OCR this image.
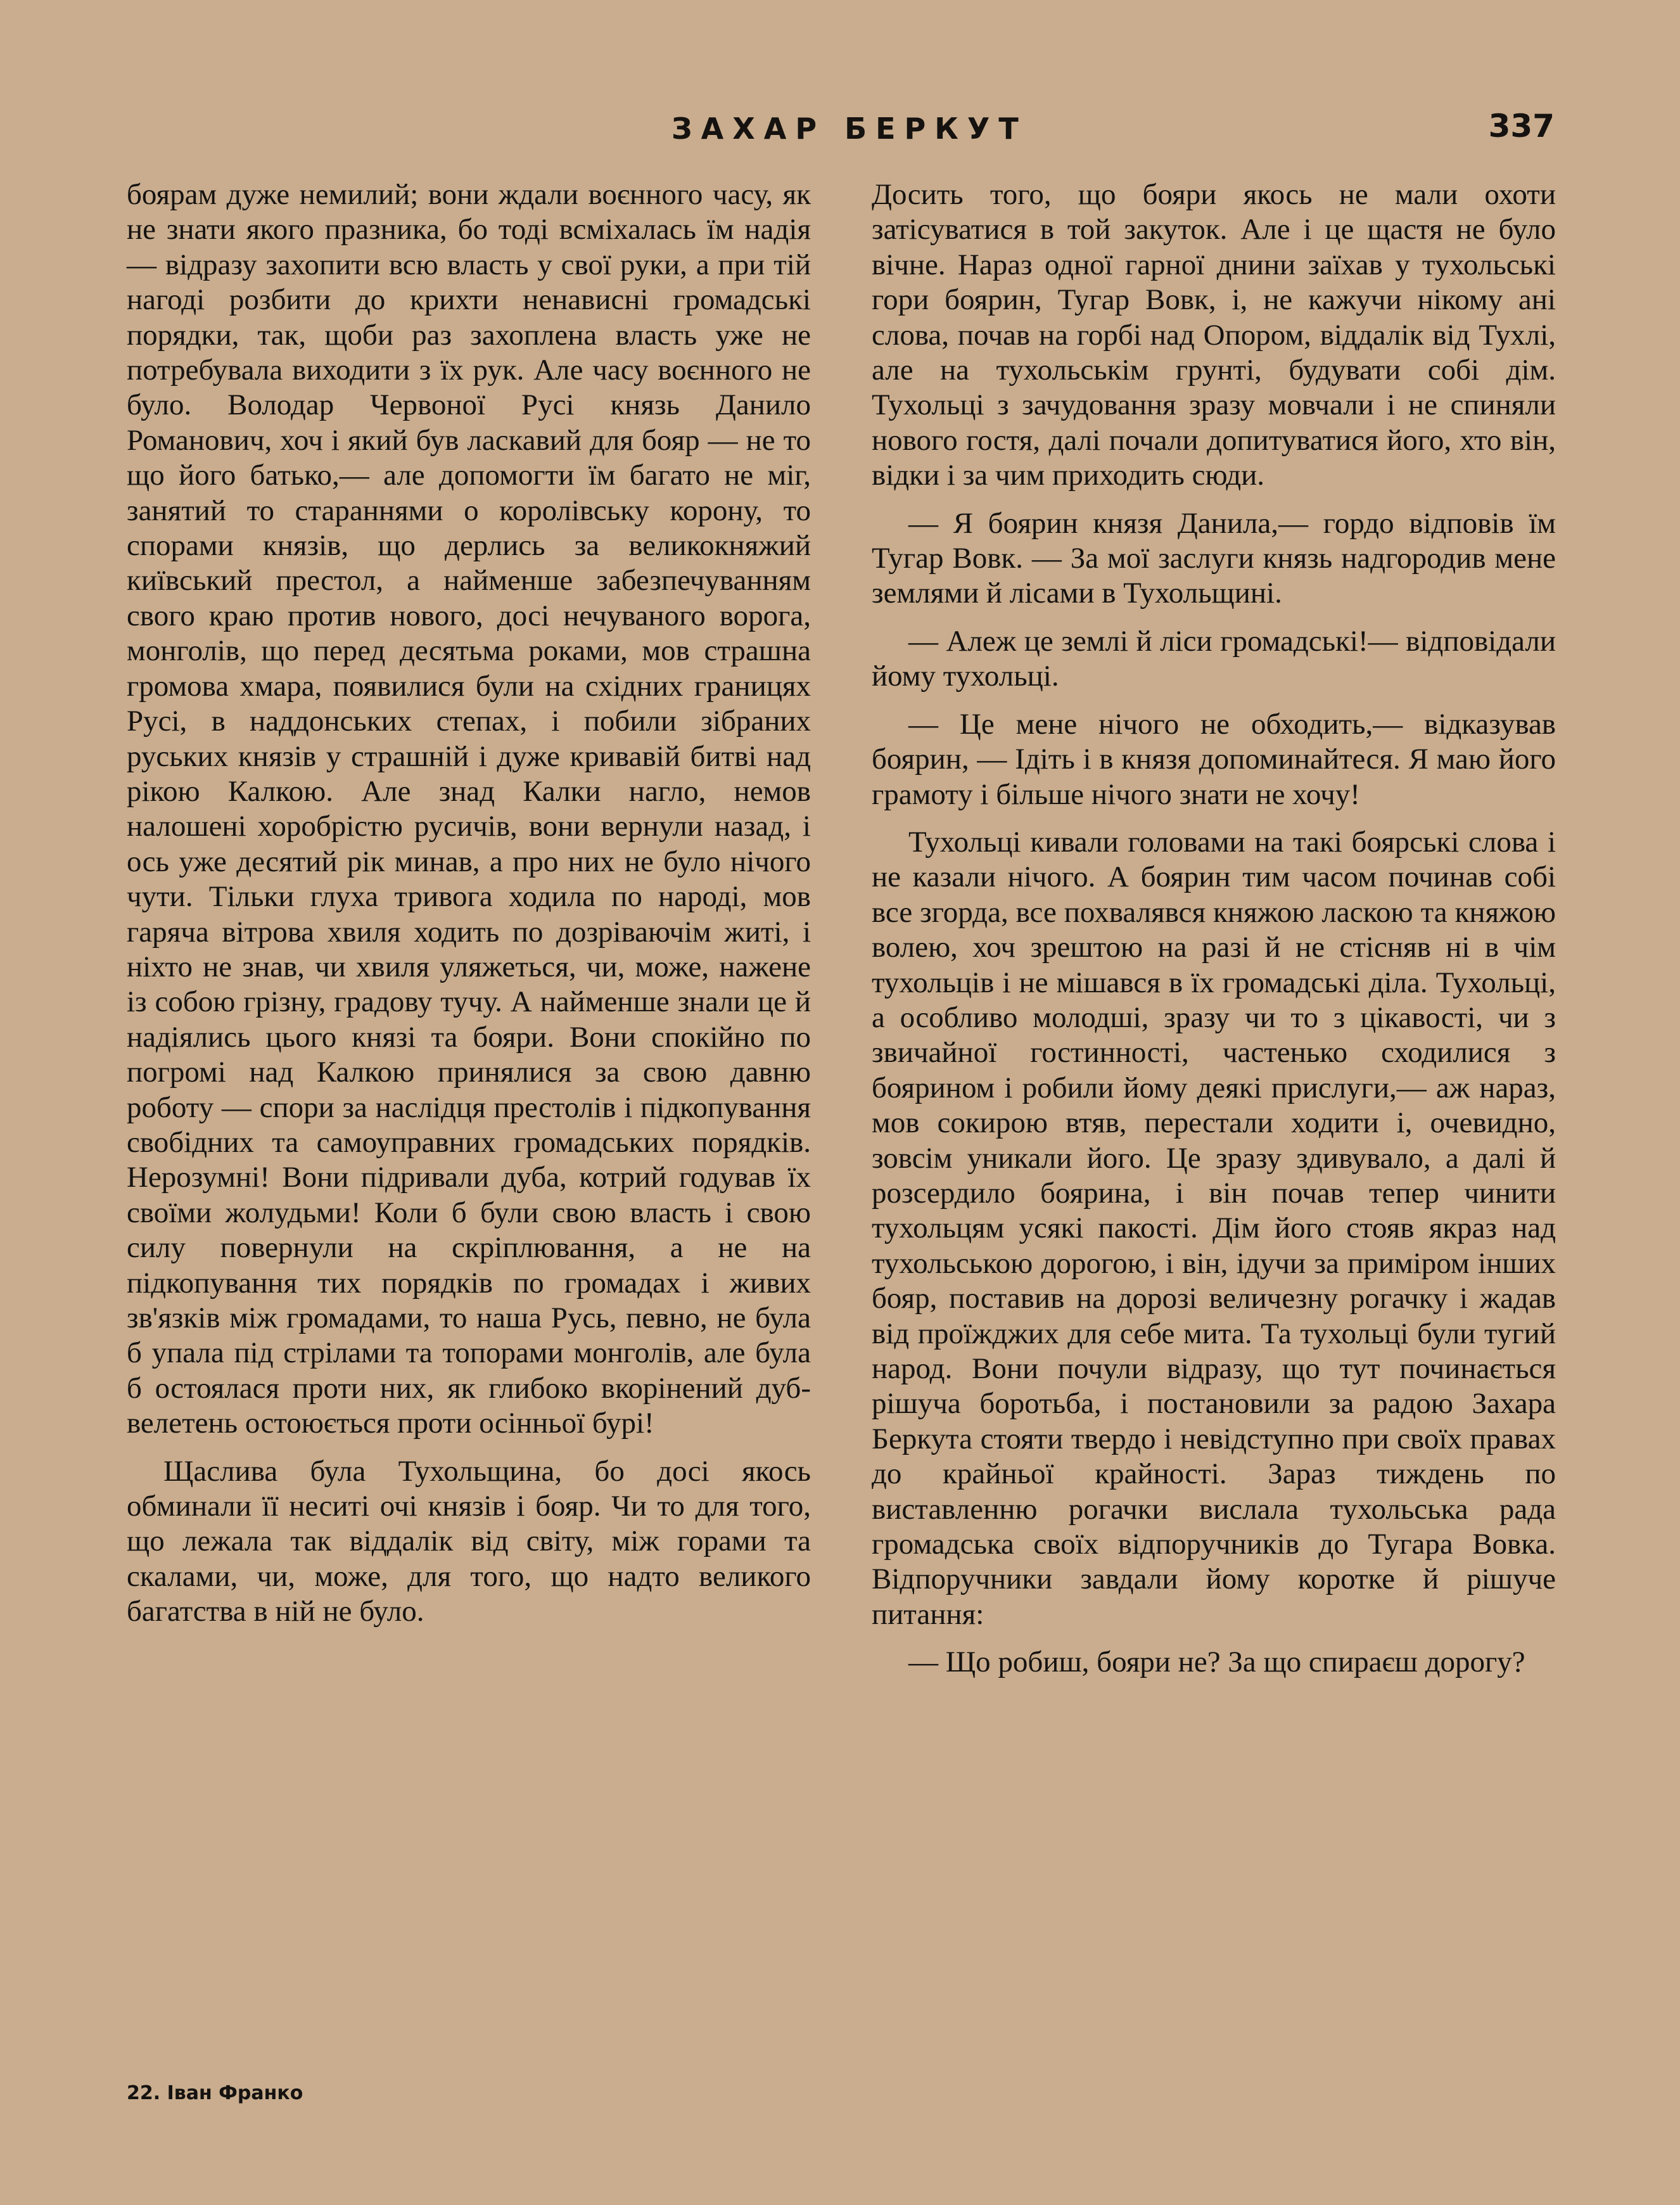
ЗАХАР БЕРКУТ	337

боярам дуже немилий; вони ждали воєнного часу, як не знати якого празника, бо тоді всміхалась їм надія — відразу захопити всю власть у свої руки, а при тій нагоді розбити до крихти ненависні громадські порядки, так, щоби раз захоплена власть уже не потребувала виходити з їх рук. Але часу воєнного не було. Володар Червоної Русі князь Данило Романович, хоч і який був ласкавий для бояр — не то що його батько,— але допомогти їм багато не міг, занятий то стараннями о королівську корону, то спорами князів, що дерлись за великокняжий київський престол, а найменше забезпечуванням свого краю против нового, досі нечуваного ворога, монголів, що перед десятьма роками, мов страшна громова хмара, появилися були на східних границях Русі, в наддонських степах, і побили зібраних руських князів у страшній і дуже кривавій битві над рікою Калкою. Але знад Калки нагло, немов налошені хоробрістю русичів, вони вернули назад, і ось уже десятий рік минав, а про них не було нічого чути. Тільки глуха тривога ходила по народі, мов гаряча вітрова хвиля ходить по дозріваючім житі, і ніхто не знав, чи хвиля уляжеться, чи, може, наженe із собою грізну, градову тучу. А найменше знали це й надіялись цього князі та бояри. Вони спокійно по погромі над Калкою принялися за свою давню роботу — спори за наслідця престолів і підкопування свобідних та самоуправних громадських порядків. Нерозумні! Вони підривали дуба, котрий годував їх своїми жолудьми! Коли б були свою власть і свою силу повернули на скріплювання, а не на підкопування тих порядків по громадах і живих зв'язків між громадами, то наша Русь, певно, не була б упала під стрілами та топорами монголів, але була б остоялася проти них, як глибоко вкорінений дуб-велетень остоюється проти осінньої бурі!

Щаслива була Тухольщина, бо досі якось обминали її неситі очі князів і бояр. Чи то для того, що лежала так віддалік від світу, між горами та скалами, чи, може, для того, що надто великого багатства в ній не було.

Досить того, що бояри якось не мали охоти затісуватися в той закуток. Але і це щастя не було вічне. Нараз одної гарної днини заїхав у тухольські гори боярин, Тугар Вовк, і, не кажучи нікому ані слова, почав на горбі над Опором, віддалік від Тухлі, але на тухольськім грунті, будувати собі дім. Тухольці з зачудовання зразу мовчали і не спиняли нового гостя, далі почали допитуватися його, хто він, відки і за чим приходить сюди.

— Я боярин князя Данила,— гордо відповів їм Тугар Вовк. — За мої заслуги князь надгородив мене землями й лісами в Тухольщині.

— Алеж це землі й ліси громадські!— відповідали йому тухольці.

— Це мене нічого не обходить,— відказував боярин, — Ідіть і в князя допоминайтеся. Я маю його грамоту і більше нічого знати не хочу!

Тухольці кивали головами на такі боярські слова і не казали нічого. А боярин тим часом починав собі все згорда, все похвалявся княжою ласкою та княжою волею, хоч зрештою на разі й не стісняв ні в чім тухольців і не мішався в їх громадські діла. Тухольці, а особливо молодші, зразу чи то з цікавості, чи з звичайної гостинності, частенько сходилися з боярином і робили йому деякі прислуги,— аж нараз, мов сокирою втяв, перестали ходити і, очевидно, зовсім уникали його. Це зразу здивувало, а далі й розсердило боярина, і він почав тепер чинити тухольцям усякі пакості. Дім його стояв якраз над тухольською дорогою, і він, ідучи за приміром інших бояр, поставив на дорозі величезну рогачку і жадав від проїжджих для себе мита. Та тухольці були тугий народ. Вони почули відразу, що тут починається рішуча боротьба, і постановили за радою Захара Беркута стояти твердо і невідступно при своїх правах до крайньої крайності. Зараз тиждень по виставленню рогачки вислала тухольська рада громадська своїх відпоручників до Тугара Вовка. Відпоручники завдали йому коротке й рішуче питання:

— Що робиш, бояри не? За що спираєш дорогу?

22. Іван Франко
